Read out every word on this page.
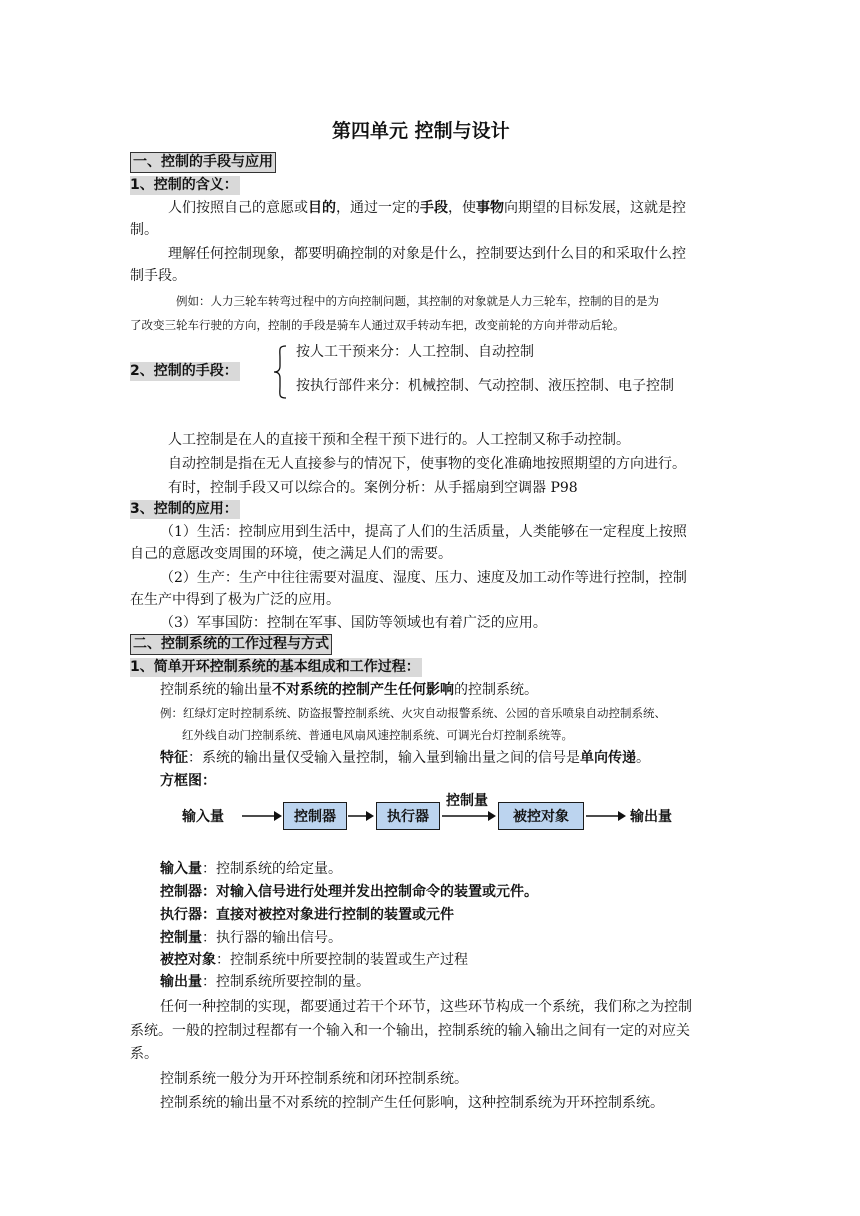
第四单元 控制与设计
一、控制的手段与应用
1、控制的含义：
人们按照自己的意愿或目的，通过一定的手段，使事物向期望的目标发展，这就是控
制。
理解任何控制现象，都要明确控制的对象是什么，控制要达到什么目的和采取什么控
制手段。
例如：人力三轮车转弯过程中的方向控制问题，其控制的对象就是人力三轮车，控制的目的是为
了改变三轮车行驶的方向，控制的手段是骑车人通过双手转动车把，改变前轮的方向并带动后轮。
2、控制的手段：
按人工干预来分：人工控制、自动控制
按执行部件来分：机械控制、气动控制、液压控制、电子控制
人工控制是在人的直接干预和全程干预下进行的。人工控制又称手动控制。
自动控制是指在无人直接参与的情况下，使事物的变化准确地按照期望的方向进行。
有时，控制手段又可以综合的。案例分析：从手摇扇到空调器 P98
3、控制的应用：
（1）生活：控制应用到生活中，提高了人们的生活质量，人类能够在一定程度上按照
自己的意愿改变周围的环境，使之满足人们的需要。
（2）生产：生产中往往需要对温度、湿度、压力、速度及加工动作等进行控制，控制
在生产中得到了极为广泛的应用。
（3）军事国防：控制在军事、国防等领域也有着广泛的应用。
二、控制系统的工作过程与方式
1、简单开环控制系统的基本组成和工作过程：
控制系统的输出量不对系统的控制产生任何影响的控制系统。
例：红绿灯定时控制系统、防盗报警控制系统、火灾自动报警系统、公园的音乐喷泉自动控制系统、
红外线自动门控制系统、普通电风扇风速控制系统、可调光台灯控制系统等。
特征：系统的输出量仅受输入量控制，输入量到输出量之间的信号是单向传递。
方框图：
输入量	控制器	执行器
控制量
被控对象	输出量
输入量：控制系统的给定量。
控制器：对输入信号进行处理并发出控制命令的装置或元件。
执行器：直接对被控对象进行控制的装置或元件
控制量：执行器的输出信号。
被控对象：控制系统中所要控制的装置或生产过程
输出量：控制系统所要控制的量。
任何一种控制的实现，都要通过若干个环节，这些环节构成一个系统，我们称之为控制
系统。一般的控制过程都有一个输入和一个输出，控制系统的输入输出之间有一定的对应关
系。
控制系统一般分为开环控制系统和闭环控制系统。
控制系统的输出量不对系统的控制产生任何影响，这种控制系统为开环控制系统。
